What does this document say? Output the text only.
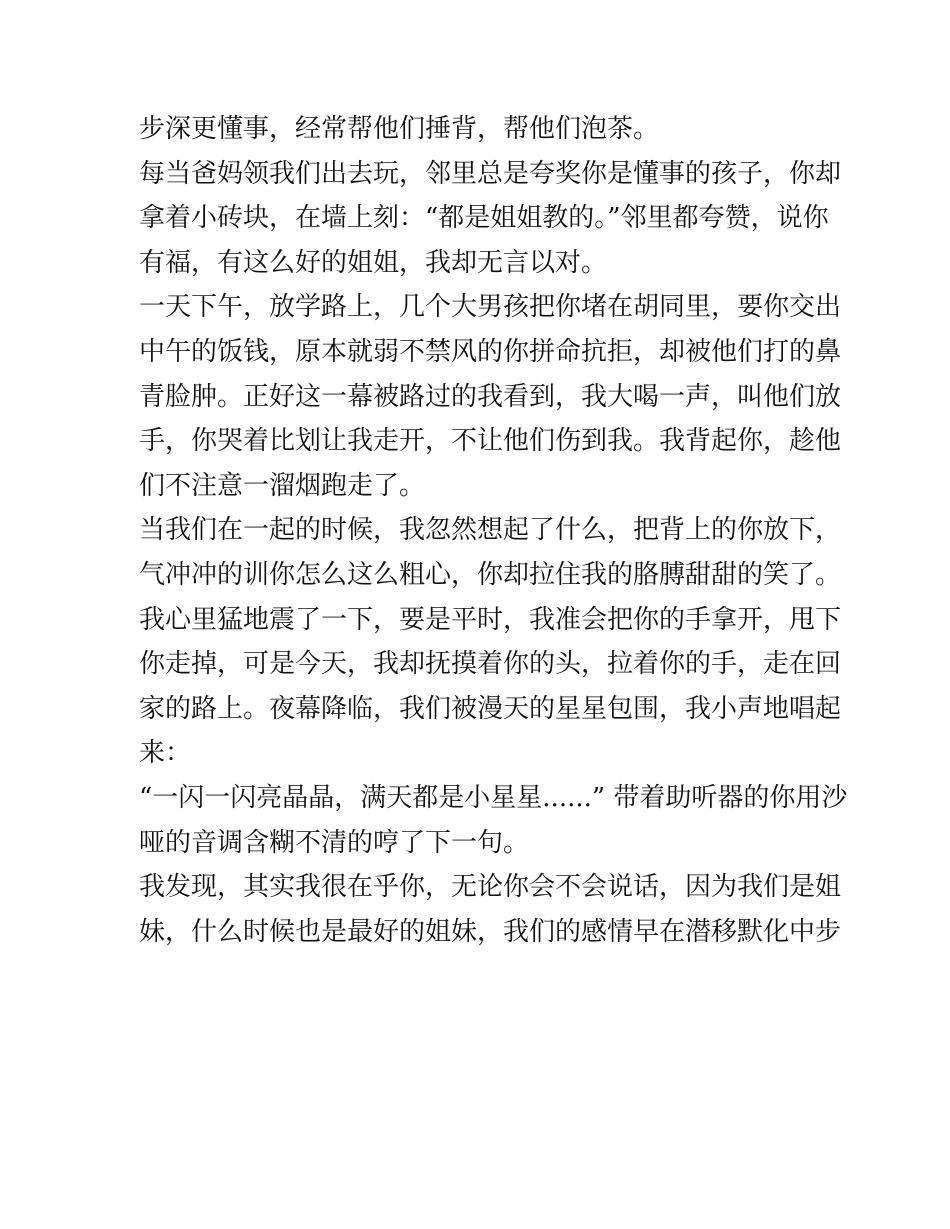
步深更懂事，经常帮他们捶背，帮他们泡茶。
每当爸妈领我们出去玩，邻里总是夸奖你是懂事的孩子，你却
拿着小砖块，在墙上刻：“都是姐姐教的。”邻里都夸赞，说你
有福，有这么好的姐姐，我却无言以对。
一天下午，放学路上，几个大男孩把你堵在胡同里，要你交出
中午的饭钱，原本就弱不禁风的你拼命抗拒，却被他们打的鼻
青脸肿。正好这一幕被路过的我看到，我大喝一声，叫他们放
手，你哭着比划让我走开，不让他们伤到我。我背起你，趁他
们不注意一溜烟跑走了。
当我们在一起的时候，我忽然想起了什么，把背上的你放下，
气冲冲的训你怎么这么粗心，你却拉住我的胳膊甜甜的笑了。
我心里猛地震了一下，要是平时，我准会把你的手拿开，甩下
你走掉，可是今天，我却抚摸着你的头，拉着你的手，走在回
家的路上。夜幕降临，我们被漫天的星星包围，我小声地唱起
来：
“一闪一闪亮晶晶，满天都是小星星......” 带着助听器的你用沙
哑的音调含糊不清的哼了下一句。
我发现，其实我很在乎你，无论你会不会说话，因为我们是姐
妹，什么时候也是最好的姐妹，我们的感情早在潜移默化中步
